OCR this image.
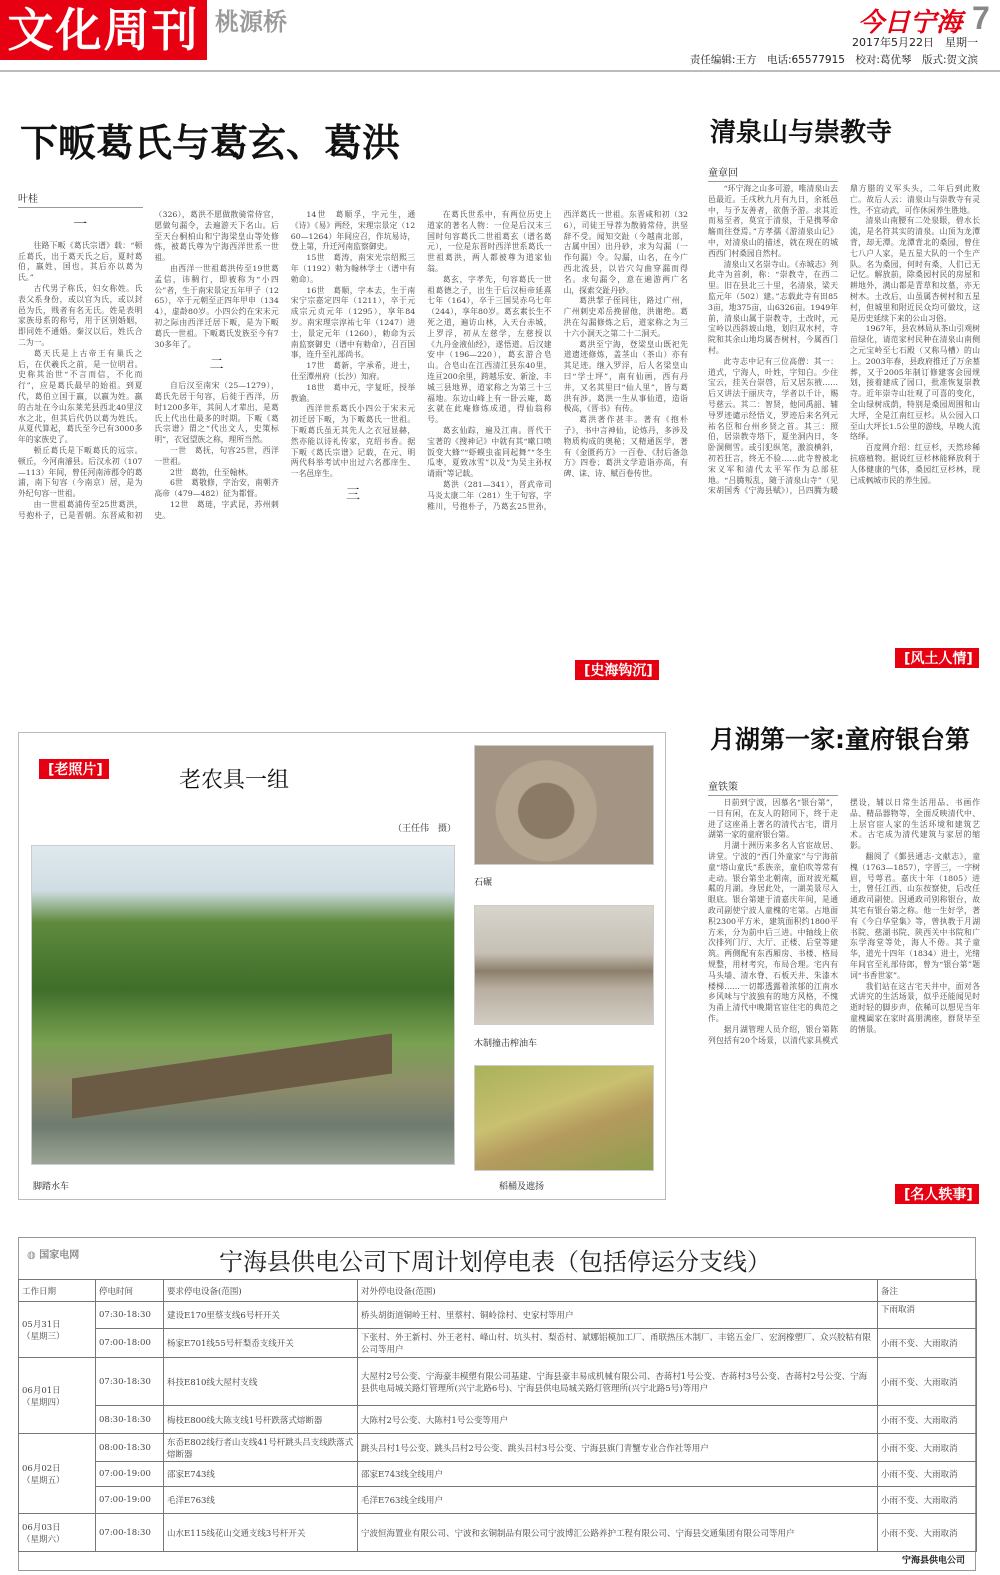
文化周刊 桃源桥	今日宁海 7
2017年5月22日　星期一
责任编辑:王方　电话:65577915　校对:葛优琴　版式:贺文滨
下畈葛氏与葛玄、葛洪
叶桂
一

往路下畈《葛氏宗谱》载：“顿丘葛氏，出于葛天氏之后，夏时葛伯，嬴姓，国也，其后亦以葛为氏。”

古代男子称氏，妇女称姓。氏表父系身份，或以官为氏，或以封邑为氏，贱者有名无氏。姓是表明家族母系的称号，用于区别婚姻，即同姓不通婚。秦汉以后，姓氏合二为一。

葛天氏是上古帝王有巢氏之后，在伏羲氏之前，是一位明君。史称其治世“不言而信，不化而行”，应是葛氏最早的始祖。到夏代，葛伯立国于嬴，以嬴为姓。嬴的古址在今山东莱芜县西北40里汶水之北，但其后代仍以葛为姓氏。从夏代算起，葛氏至今已有3000多年的家族史了。

顿丘葛氏是下畈葛氏的远宗。顿丘，今河南濬县。后汉永初（107—113）年间，曾任河南沛郡令的葛浦，南下句容（今南京）居，是为外纪句容一世祖。

由一世祖葛浦传至25世葛洪，号抱朴子，已是晋朝。东晋咸和初（326），葛洪不愿做散骑常侍官，愿做句漏令，去遍游天下名山。后至天台桐柏山和宁海梁皇山等处修炼，被葛氏尊为宁海西洋世系一世祖。

由西洋一世祖葛洪传至19世葛孟信，讳稠行，即被称为“小四公”者，生于南宋景定五年甲子（1265），卒于元朝至正四年甲申（1344），虚龄80岁。小四公约在宋末元初之际由西洋迁居下畈，是为下畈葛氏一世祖。下畈葛氏发族至今有730多年了。

二

自后汉至南宋（25—1279），葛氏先居于句容，后徙于西洋，历时1200多年，其间人才辈出，是葛氏上代出仕最多的时期。下畈《葛氏宗谱》谓之“代出文人，史策标明”，衣冠望族之称，理所当然。

一世　葛抚，句容25世，西洋一世祖。

2世　葛勃，仕至翰林。

6世　葛敬修，字治安，南朝齐高帝（479—482）征为都督。

12世　葛琏，字武昆，苏州刺史。

14世　葛顺孚，字元生，通《诗》《易》两经，宋理宗景定（1260—1264）年间应召，作坑易诗，登上第，升迁河南监察御史。

15世　葛涛，南宋光宗绍熙三年（1192）勅为翰林学士（谱中有勅命）。

16世　葛顺，字本去，生于南宋宁宗嘉定四年（1211），卒于元成宗元贞元年（1295），享年84岁。南宋理宗淳祐七年（1247）进士，景定元年（1260），勅命为云南监察御史（谱中有勅命），召百国事，连升至礼部尚书。

17世　葛新，字承希，进士，仕至潭州府（长沙）知府。

18世　葛中元，字复旺，授举教谕。

西洋世系葛氏小四公于宋末元初迁居下畈，为下畈葛氏一世祖。下畈葛氏虽无其先人之衣冠显赫，然亦能以诗礼传家，克绍书香。据下畈《葛氏宗谱》记载，在元、明两代科举考试中出过六名郡庠生、一名邑庠生。

三

在葛氏世系中，有两位历史上道家的著名人物：一位是后汉末三国时句容葛氏二世祖葛玄（谱名葛元），一位是东晋时西洋世系葛氏一世祖葛洪，两人都被尊为道家仙翁。

葛玄，字孝先，句容葛氏一世祖葛德之子，出生于后汉桓帝延熹七年（164），卒于三国吴赤乌七年（244），享年80岁。葛玄素长生不死之道，遍访山林，入天台赤城，上罗浮，初从左慈学，左慈授以《九丹金液仙经》，遂悟道。后汉建安中（196—220），葛玄游合皂山。合皂山在江西清江县东40里，连亘200余里，跨越乐安、新淦、丰城三县地界，道家称之为第三十三福地。东边山峰上有一卧云庵，葛玄就在此庵修炼成道，得仙翁称号。

葛玄仙踪，遍及江南。晋代干宝著的《搜神记》中就有其“嗽口喷饭变大蜂”“虾蟆虫雀同起舞”“冬生瓜枣，夏致冰雪”以及“为吴主孙权请雨”等记载。

葛洪（281—341），晋武帝司马炎太康二年（281）生于句容，字稚川，号抱朴子，乃葛玄25世孙，西洋葛氏一世祖。东晋咸和初（326），司徒王导荐为散骑常侍，洪坚辞不受。闻知交趾（今越南北部，古属中国）出丹砂，求为勾漏（一作句漏）令。勾漏，山名，在今广西北流县，以岩穴勾曲穿漏而得名。求句漏令，意在遍游两广名山，探索交趾丹砂。

葛洪挈子侄同往，路过广州，广州刺史邓岳挽留他，洪谢绝。葛洪在勾漏修炼之后，道家称之为三十六小洞天之第二十二洞天。

葛洪至宁海，登梁皇山既祀先道遗迹修炼，盖茎山（茶山）亦有其足迹。继入罗浮，后人名梁皇山曰“学士坪”，南有仙画，西有丹井，又名其里曰“仙人里”，皆与葛洪有涉。葛洪一生从事仙道，造诣极高，《晋书》有传。

葛洪著作甚丰。著有《抱朴子》，书中言神仙，论炼丹，多涉及物质构成的奥秘；又精通医学，著有《金匮药方》一百卷、《肘后备急方》四卷；葛洪文学造诣亦高，有碑、诔、诗、赋百卷传世。

[史海钩沉]
清泉山与崇教寺
童章回

“环宁海之山多可游，唯清泉山去邑最近。壬戌秋九月有九日，余祗邑中，与予友善者，欲偕予游。求其近而易至者，莫宜于清泉，于是携琴命觞而往登焉。”方孝孺《游清泉山记》中，对清泉山的描述，就在现在的城西西门村桑园自然村。

清泉山又名崇寺山。《赤城志》列此寺为首刹，称：“崇教寺，在西二里。旧在县北三十里，名清泉，梁天监元年（502）建。”志载此寺有田853亩，地375亩，山6326亩。1949年前，清泉山属于崇教寺，土改时，元宝岭以西斜坡山地，划归双水村，寺院和其余山地均属杏树村，今属西门村。

此寺志中记有三位高僧：其一：道式，宁海人，叶姓，字知白。少住宝云，挂关台崇啓，后又居东掖……后又讲法于丽庆寺，学者以千计，赐号慈云。其二：智贤，他同禹韶、辅导罗迹谴示经悟义，罗迹后来名列元祐名臣和台州乡贤之首。其三：照伯，居崇教寺塔下，夏坐洞内日，冬卧洞侧雪。或引犯纵笔，激浪横斜，初若狂言，终无不验……此寺曾被北宋义军和清代太平军作为总部驻地。“吕腾叛乱，随于清泉山寺”（见宋胡国秀《宁海县赋》），吕四腾为暖鼎方腊的义军头头，二年后到此败亡。故后人云：清泉山与崇教寺有灵性，不宜动武，可作休闲养生胜地。

清泉山南腰有二处泉眼，碧水长流，是名符其实的清泉。山顶为龙潭背，却无潭。龙潭背北的桑园，曾住七八户人家，是五星大队的一个生产队。名为桑园，何时有桑，人们已无记忆。解放前，除桑园村民的房屋和耕地外，满山都是青草和坟墓，亦无树木。土改后，山虽属杏树村和五星村，但城里和附近民众均可做坟，这是历史延续下来的公山习俗。

1967年，县农林局从茶山引观树苗绿化，请范家村民种在清泉山南侧之元宝岭至七石殿（又称马槽）的山上。2003年春，县政府推迁了万余墓葬，又于2005年制订修建客会园规划，接着建成了园口，批准恢复崇教寺。近年崇寺山壮观了可喜的变化，全山绿树成荫，特别是桑园周围和山大坪，全是江南红豆杉。从公园入口至山大坪长1.5公里的游线，早晚人流络绎。

百度网介绍：红豆杉，天然珍稀抗癌植物。据说红豆杉林能释放利于人体健康的气体，桑园红豆杉林，现已成枫城市民的养生园。

[风土人情]
[老照片]	老农具一组
（王任伟　摄）
脚踏水车
石碾
木制撞击榨油车
稻桶及遮扬
月湖第一家:童府银台第
童铁策

日前到宁波，因慕名“银台第”，一日有闲，在友人的陪同下，终于走进了这座甬上著名的清代古宅，谓月湖第一家的童府银台第。

月湖十洲历来多名人官宦故居、讲堂。宁波的“西门外童家”与宁海前童“塔山童氏”系族亲，童伯吹等常有走动。银台第坐北朝南，面对波光粼粼的月湖。身居此处，一湖美景尽入眼底。银台第建于清嘉庆年间，是通政司副使宁波人童槐的宅第。占地面积2300平方米，建筑面积约1800平方米，分为前中后三进。中轴线上依次排列门厅、大厅、正楼、后堂等建筑。两侧配有东西厢房、书楼、格局规整，用材考究，布局合理。宅内有马头墙、清水脊、石板天井、朱漆木楼梯……一切都透露着浓郁的江南水乡风味与宁波独有的地方风格，不愧为甬上清代中晚期官宦住宅的典范之作。

据月湖管理人员介绍，银台第陈列包括有20个场景，以清代家具模式摆设，辅以日常生活用品、书画作品、精品器物等，全面反映清代中、上层官宦人家的生活环境和建筑艺术。古宅成为清代建筑与家居的缩影。

翻阅了《鄞县通志·文献志》，童槐（1763—1857），字晋三，一字树眉，号萼君。嘉庆十年（1805）进士，曾任江西、山东按察使，后改任通政司副使。因通政司别称银台，故其宅有银台第之称。他一生好学，著有《今白华堂集》等，曾执教于月湖书院、慈湖书院、陕西关中书院和广东学海堂等处，海人不倦。其子童华，道光十四年（1834）进士，光绪年间官至礼部侍郎，曾为“银台第”题词“书香世家”。

我们站在这古宅天井中，面对各式讲究的生活场景，似乎还能闻见时逝时轻的脚步声，依稀可以想见当年童槐阖家在家时高朋满座，群贤毕至的情景。

[名人轶事]
◍ 国家电网	宁海县供电公司下周计划停电表（包括停运分支线）
工作日期	停电时间	要求停电设备(范围)	对外停电设备(范围)	备注
05月31日
（星期三）	07:30-18:30	建设E170里蔡支线6号杆开关	桥头胡街道铜岭王村、里蔡村、铜岭徐村、史家村等用户	下雨取消
	07:00-18:00	杨家E701线55号杆梨岙支线开关	下张村、外王新村、外王老村、峰山村、坑头村、梨岙村、斌娜铝模加工厂、甬联热压木制厂、丰铭五金厂、宏润橡塑厂、众兴胶粘有限公司等用户	小雨不变、大雨取消
06月01日
（星期四）	07:30-18:30	科技E810线大屋村支线	大屋村2号公变、宁海豪丰模塑有限公司基建、宁海县豪丰易成机械有限公司、杏蒋村1号公变、杏蒋村3号公变、杏蒋村2号公变、宁海县供电局城关路灯管理所(兴宁北路6号)、宁海县供电局城关路灯管理所(兴宁北路5号)等用户	小雨不变、大雨取消
	08:30-18:30	梅枝E800线大陈支线1号杆跌落式熔断器	大陈村2号公变、大陈村1号公变等用户	小雨不变、大雨取消
06月02日
（星期五）	08:00-18:30	东岙E802线行者山支线41号杆跳头吕支线跌落式熔断器	跳头吕村1号公变、跳头吕村2号公变、跳头吕村3号公变、宁海县旗门青蟹专业合作社等用户	小雨不变、大雨取消
	07:00-19:00	邵家E743线	邵家E743线全线用户	小雨不变、大雨取消
	07:00-19:00	毛洋E763线	毛洋E763线全线用户	小雨不变、大雨取消
06月03日
（星期六）	07:00-18:30	山水E115线花山交通支线3号杆开关	宁波恒海置业有限公司、宁波和玄铜制品有限公司宁波博汇公路养护工程有限公司、宁海县交通集团有限公司等用户	小雨不变、大雨取消
宁海县供电公司
